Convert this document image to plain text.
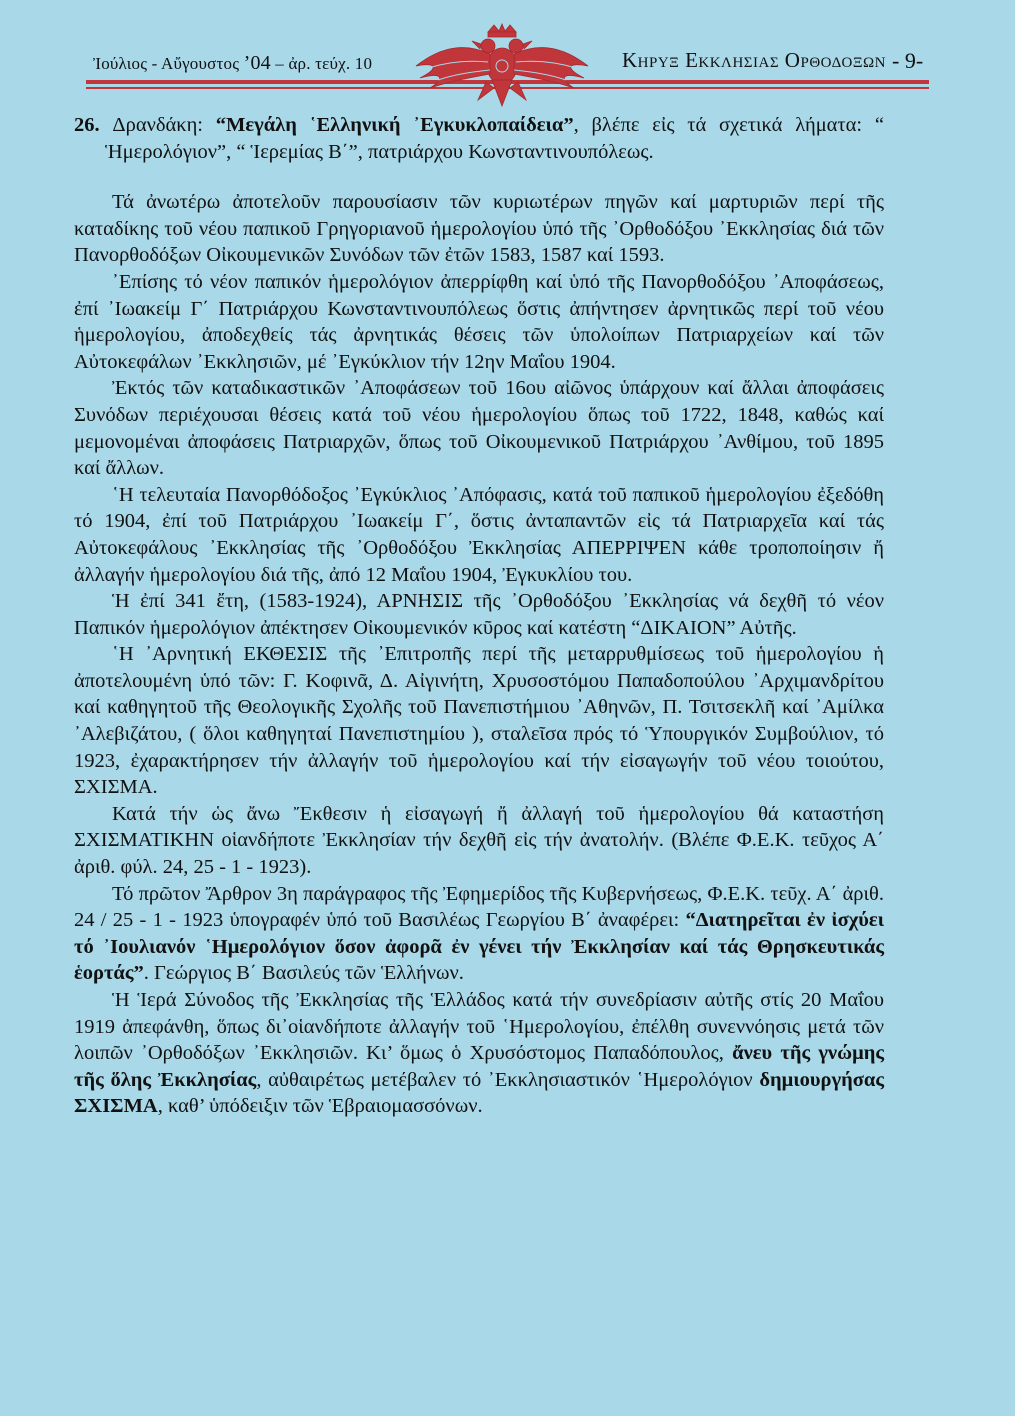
Ἰούλιος - Αὔγουστος ’04 – ἀρ. τεύχ. 10	Κηρυξ Εκκλησιας Ορθοδοξων - 9-

26. Δρανδάκη: “Μεγάλη ῾Ελληνική ᾽Εγκυκλοπαίδεια”, βλέπε εἰς τά σχετικά λήματα: “ Ἡμερολόγιον”, “ Ἱερεμίας Β΄”, πατριάρχου Κωνσταντινουπόλεως.

Τά ἀνωτέρω ἀποτελοῦν παρουσίασιν τῶν κυριωτέρων πηγῶν καί μαρτυριῶν περί τῆς καταδίκης τοῦ νέου παπικοῦ Γρηγοριανοῦ ἡμερολογίου ὑπό τῆς ᾽Ορθοδόξου ᾽Εκκλησίας διά τῶν Πανορθοδόξων Οἰκουμενικῶν Συνόδων τῶν ἐτῶν 1583, 1587 καί 1593.

᾽Επίσης τό νέον παπικόν ἡμερολόγιον ἀπερρίφθη καί ὑπό τῆς Πανορθοδόξου ᾽Αποφάσεως, ἐπί ᾽Ιωακείμ Γ΄ Πατριάρχου Κωνσταντινουπόλεως ὅστις ἀπήντησεν ἀρνητικῶς περί τοῦ νέου ἡμερολογίου, ἀποδεχθείς τάς ἀρνητικάς θέσεις τῶν ὑπολοίπων Πατριαρχείων καί τῶν Αὐτοκεφάλων ᾽Εκκλησιῶν, μέ ᾽Εγκύκλιον τήν 12ην Μαΐου 1904.

Ἐκτός τῶν καταδικαστικῶν ᾽Αποφάσεων τοῦ 16ου αἰῶνος ὑπάρχουν καί ἄλλαι ἀποφάσεις Συνόδων περιέχουσαι θέσεις κατά τοῦ νέου ἡμερολογίου ὅπως τοῦ 1722, 1848, καθώς καί μεμονομέναι ἀποφάσεις Πατριαρχῶν, ὅπως τοῦ Οἰκουμενικοῦ Πατριάρχου ᾽Ανθίμου, τοῦ 1895 καί ἄλλων.

῾Η τελευταία Πανορθόδοξος ᾽Εγκύκλιος ᾽Απόφασις, κατά τοῦ παπικοῦ ἡμερολογίου ἐξεδόθη τό 1904, ἐπί τοῦ Πατριάρχου ᾽Ιωακείμ Γ΄, ὅστις ἀνταπαντῶν εἰς τά Πατριαρχεῖα καί τάς Αὐτοκεφάλους ᾽Εκκλησίας τῆς ᾽Ορθοδόξου Ἐκκλησίας ΑΠΕΡΡΙΨΕΝ κάθε τροποποίησιν ἤ ἀλλαγήν ἡμερολογίου διά τῆς, ἀπό 12 Μαΐου 1904, Ἐγκυκλίου του.

Ἡ ἐπί 341 ἔτη, (1583-1924), ΑΡΝΗΣΙΣ τῆς ᾽Ορθοδόξου ᾽Εκκλησίας νά δεχθῆ τό νέον Παπικόν ἡμερολόγιον ἀπέκτησεν Οἰκουμενικόν κῦρος καί κατέστη “ΔΙΚΑΙΟΝ” Αὐτῆς.

῾Η ᾽Αρνητική ΕΚΘΕΣΙΣ τῆς ᾽Επιτροπῆς περί τῆς μεταρρυθμίσεως τοῦ ἡμερολογίου ἡ ἀποτελουμένη ὑπό τῶν: Γ. Κοφινᾶ, Δ. Αἰγινήτη, Χρυσοστόμου Παπαδοπούλου ᾽Αρχιμανδρίτου καί καθηγητοῦ τῆς Θεολογικῆς Σχολῆς τοῦ Πανεπιστήμιου ᾽Αθηνῶν, Π. Τσιτσεκλῆ καί ᾽Αμίλκα ᾽Αλεβιζάτου, ( ὅλοι καθηγηταί Πανεπιστημίου ), σταλεῖσα πρός τό Ὑπουργικόν Συμβούλιον, τό 1923, ἐχαρακτήρησεν τήν ἀλλαγήν τοῦ ἡμερολογίου καί τήν εἰσαγωγήν τοῦ νέου τοιούτου, ΣΧΙΣΜΑ.

Κατά τήν ὡς ἄνω Ἔκθεσιν ἡ εἰσαγωγή ἤ ἀλλαγή τοῦ ἡμερολογίου θά καταστήση ΣΧΙΣΜΑΤΙΚΗΝ οἱανδήποτε Ἐκκλησίαν τήν δεχθῆ εἰς τήν ἀνατολήν. (Βλέπε Φ.Ε.Κ. τεῦχος Α΄ ἀριθ. φύλ. 24, 25 - 1 - 1923).

Τό πρῶτον Ἄρθρον 3η παράγραφος τῆς Ἐφημερίδος τῆς Κυβερνήσεως, Φ.Ε.Κ. τεῦχ. Α΄ ἀριθ. 24 / 25 - 1 - 1923 ὑπογραφέν ὑπό τοῦ Βασιλέως Γεωργίου Β΄ ἀναφέρει: “Διατηρεῖται ἐν ἰσχύει τό ᾽Ιουλιανόν ῾Ημερολόγιον ὅσον ἀφορᾶ ἐν γένει τήν Ἐκκλησίαν καί τάς Θρησκευτικάς ἑορτάς”. Γεώργιος Β΄ Βασιλεύς τῶν Ἑλλήνων.

Ἡ Ἱερά Σύνοδος τῆς Ἐκκλησίας τῆς Ἑλλάδος κατά τήν συνεδρίασιν αὐτῆς στίς 20 Μαΐου 1919 ἀπεφάνθη, ὅπως δι᾽οἱανδήποτε ἀλλαγήν τοῦ ῾Ημερολογίου, ἐπέλθη συνεννόησις μετά τῶν λοιπῶν ᾽Ορθοδόξων ᾽Εκκλησιῶν. Κι’ ὅμως ὁ Χρυσόστομος Παπαδόπουλος, ἄνευ τῆς γνώμης τῆς ὅλης Ἐκκλησίας, αὐθαιρέτως μετέβαλεν τό ᾽Εκκλησιαστικόν ῾Ημερολόγιον δημιουργήσας ΣΧΙΣΜΑ, καθ’ ὑπόδειξιν τῶν Ἑβραιομασσόνων.
